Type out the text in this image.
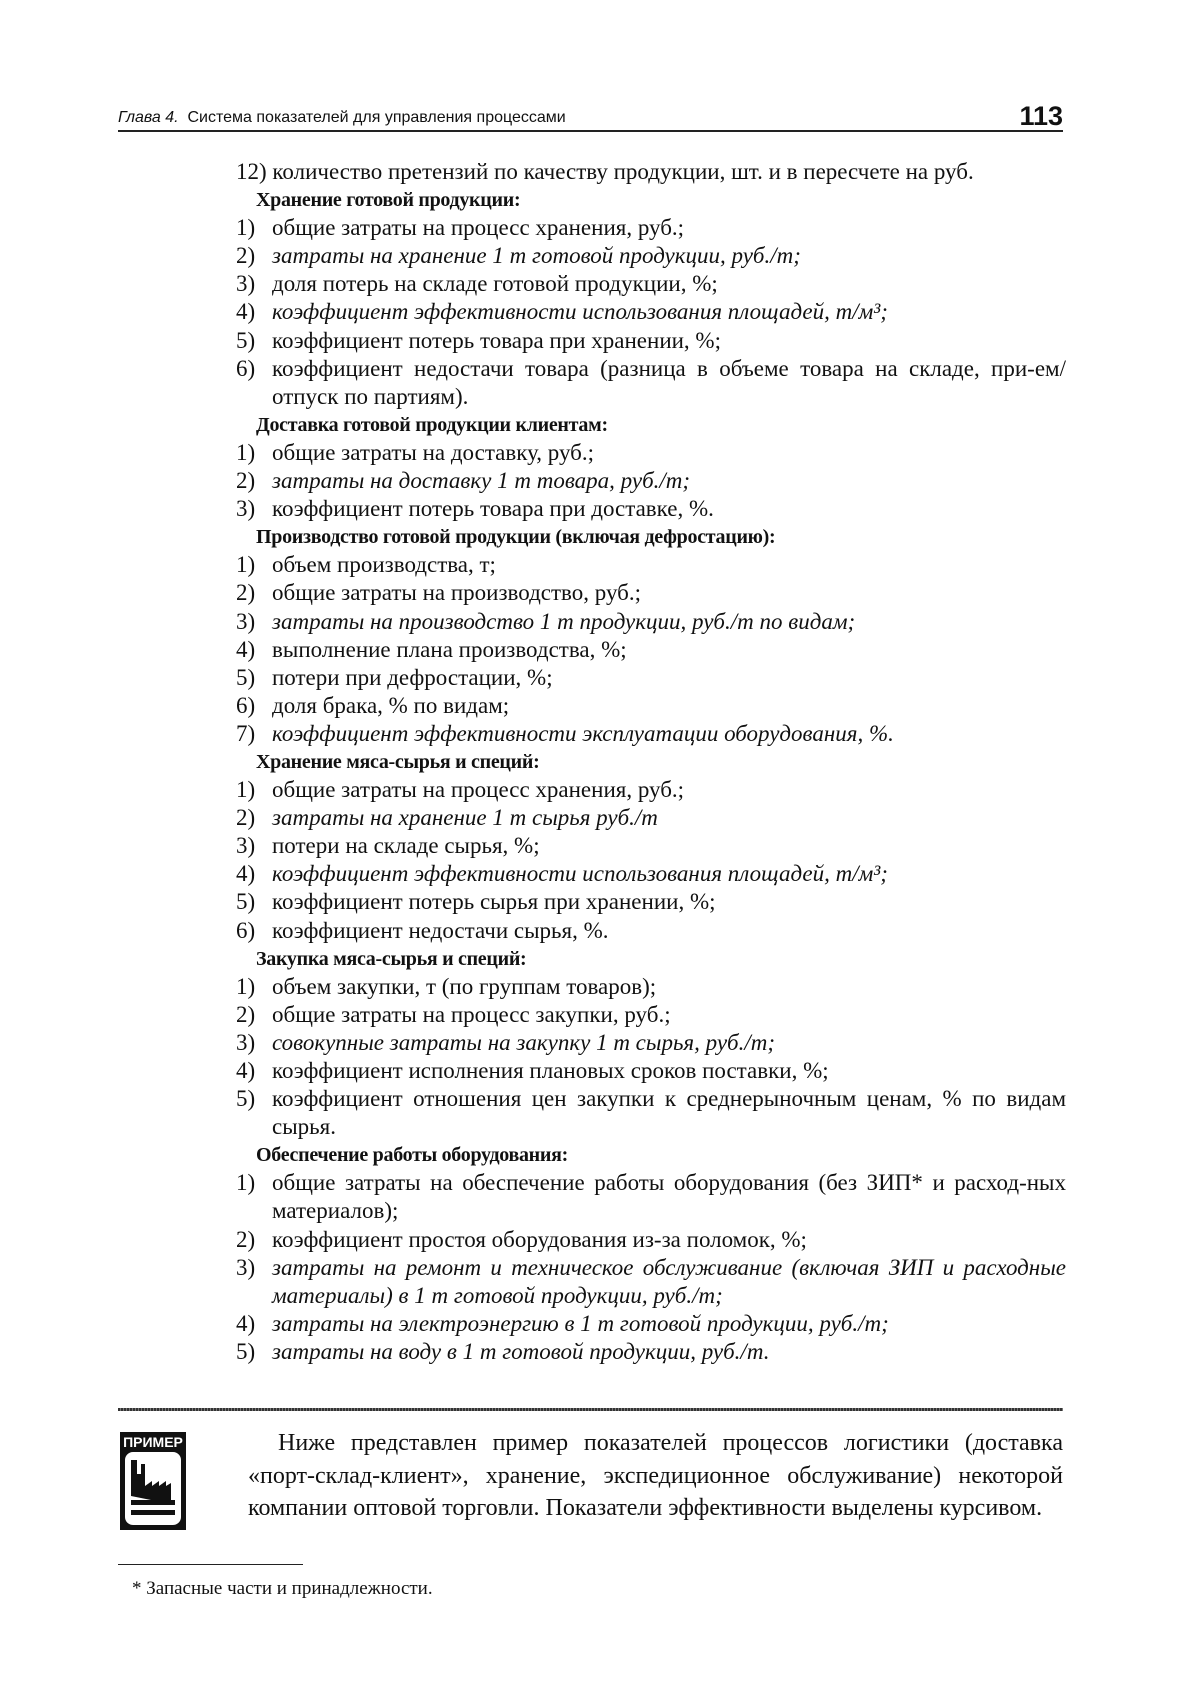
Глава 4. Система показателей для управления процессами	113
12) количество претензий по качеству продукции, шт. и в пересчете на руб.
Хранение готовой продукции:
1) общие затраты на процесс хранения, руб.;
2) затраты на хранение 1 т готовой продукции, руб./т;
3) доля потерь на складе готовой продукции, %;
4) коэффициент эффективности использования площадей, т/м³;
5) коэффициент потерь товара при хранении, %;
6) коэффициент недостачи товара (разница в объеме товара на складе, при-ем/отпуск по партиям).
Доставка готовой продукции клиентам:
1) общие затраты на доставку, руб.;
2) затраты на доставку 1 т товара, руб./т;
3) коэффициент потерь товара при доставке, %.
Производство готовой продукции (включая дефростацию):
1) объем производства, т;
2) общие затраты на производство, руб.;
3) затраты на производство 1 т продукции, руб./т по видам;
4) выполнение плана производства, %;
5) потери при дефростации, %;
6) доля брака, % по видам;
7) коэффициент эффективности эксплуатации оборудования, %.
Хранение мяса-сырья и специй:
1) общие затраты на процесс хранения, руб.;
2) затраты на хранение 1 т сырья руб./т
3) потери на складе сырья, %;
4) коэффициент эффективности использования площадей, т/м³;
5) коэффициент потерь сырья при хранении, %;
6) коэффициент недостачи сырья, %.
Закупка мяса-сырья и специй:
1) объем закупки, т (по группам товаров);
2) общие затраты на процесс закупки, руб.;
3) совокупные затраты на закупку 1 т сырья, руб./т;
4) коэффициент исполнения плановых сроков поставки, %;
5) коэффициент отношения цен закупки к среднерыночным ценам, % по видам сырья.
Обеспечение работы оборудования:
1) общие затраты на обеспечение работы оборудования (без ЗИП* и расход-ных материалов);
2) коэффициент простоя оборудования из-за поломок, %;
3) затраты на ремонт и техническое обслуживание (включая ЗИП и расходные материалы) в 1 т готовой продукции, руб./т;
4) затраты на электроэнергию в 1 т готовой продукции, руб./т;
5) затраты на воду в 1 т готовой продукции, руб./т.
ПРИМЕР	Ниже представлен пример показателей процессов логистики (доставка «порт-склад-клиент», хранение, экспедиционное обслуживание) некоторой компании оптовой торговли. Показатели эффективности выделены курсивом.
* Запасные части и принадлежности.
